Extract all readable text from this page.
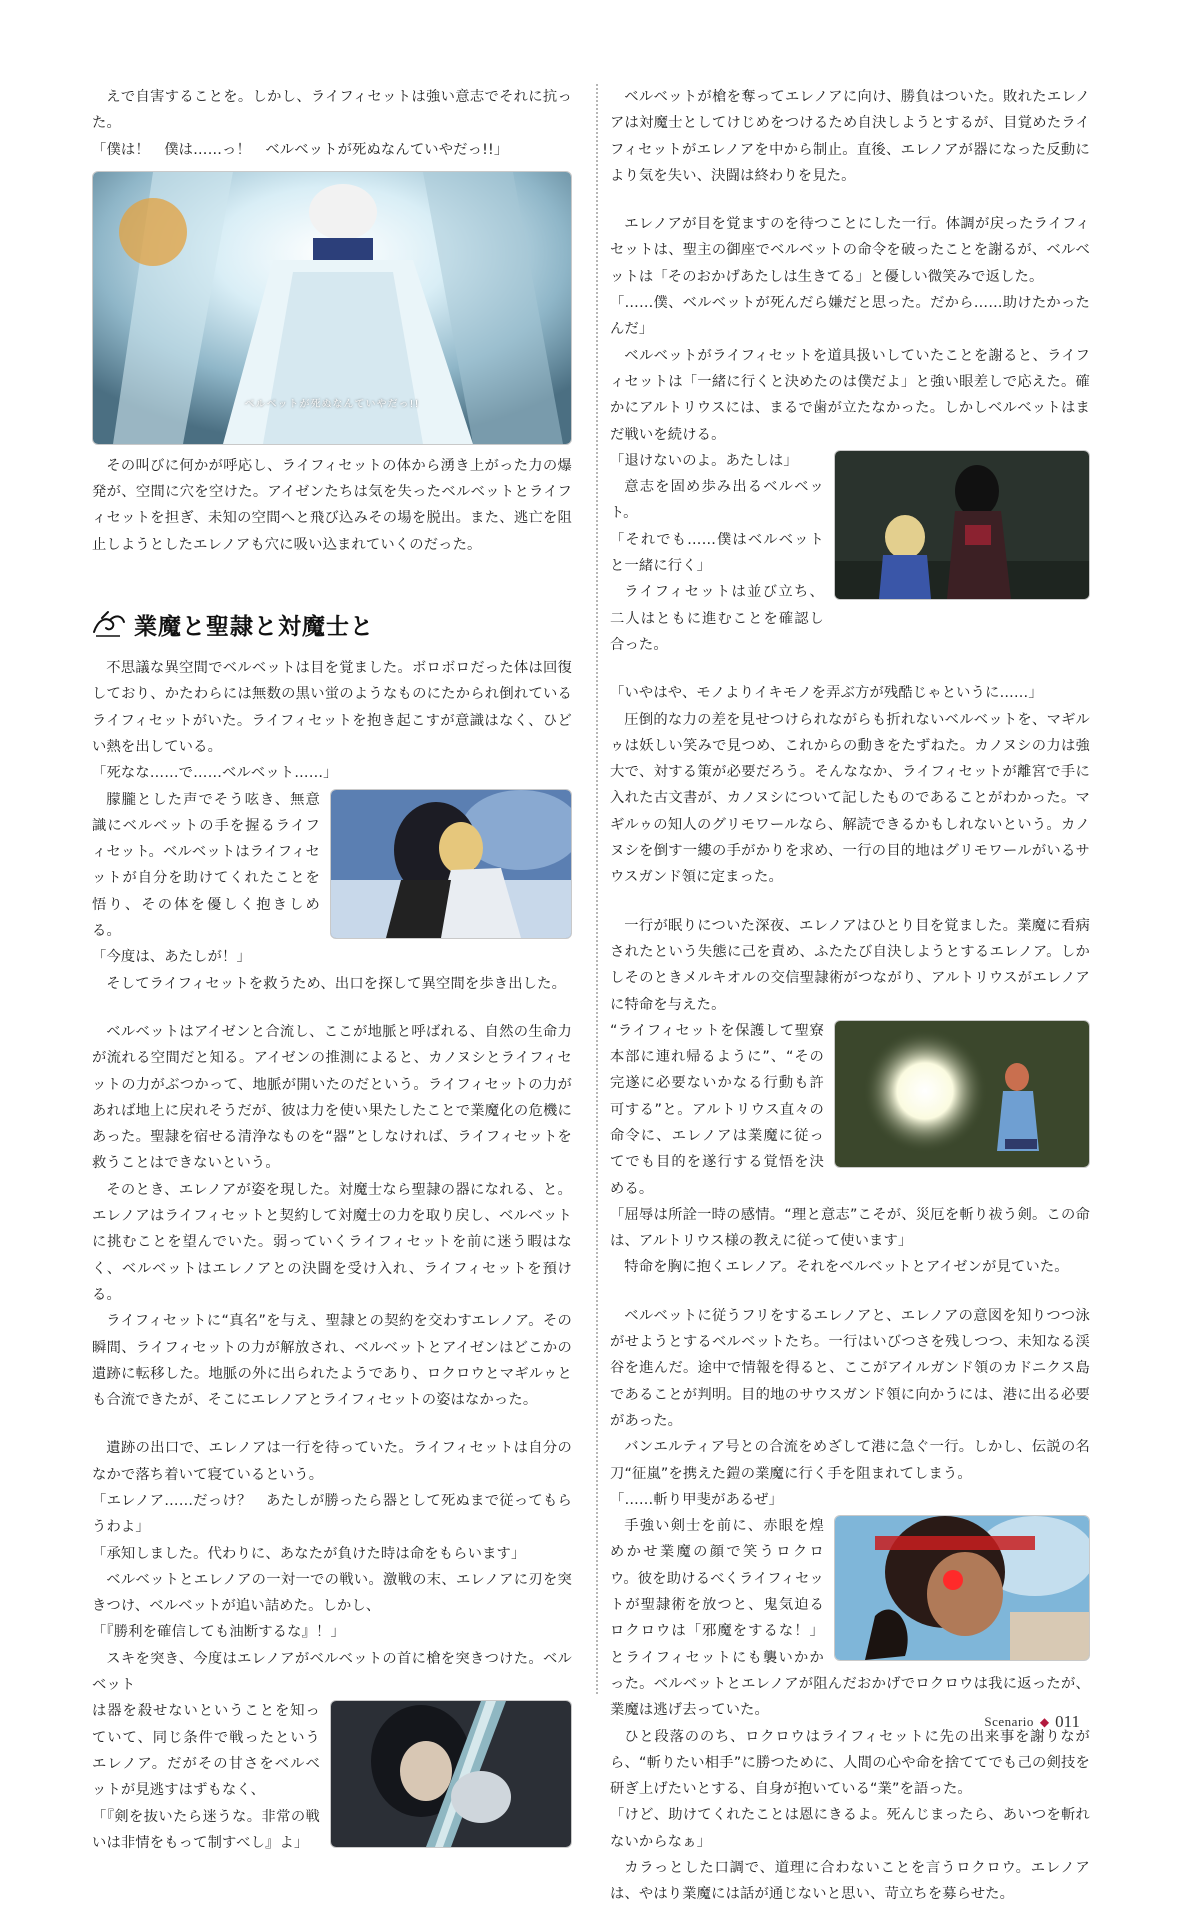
えで自害することを。しかし、ライフィセットは強い意志でそれに抗った。

「僕は！　僕は……っ！　ベルベットが死ぬなんていやだっ!!」

ベルベットが死ぬなんていやだっ!!

その叫びに何かが呼応し、ライフィセットの体から湧き上がった力の爆発が、空間に穴を空けた。アイゼンたちは気を失ったベルベットとライフィセットを担ぎ、未知の空間へと飛び込みその場を脱出。また、逃亡を阻止しようとしたエレノアも穴に吸い込まれていくのだった。

業魔と聖隷と対魔士と

不思議な異空間でベルベットは目を覚ました。ボロボロだった体は回復しており、かたわらには無数の黒い蛍のようなものにたかられ倒れているライフィセットがいた。ライフィセットを抱き起こすが意識はなく、ひどい熱を出している。

「死なな……で……ベルベット……」

朦朧とした声でそう呟き、無意識にベルベットの手を握るライフィセット。ベルベットはライフィセットが自分を助けてくれたことを悟り、その体を優しく抱きしめる。

「今度は、あたしが！」

そしてライフィセットを救うため、出口を探して異空間を歩き出した。

ベルベットはアイゼンと合流し、ここが地脈と呼ばれる、自然の生命力が流れる空間だと知る。アイゼンの推測によると、カノヌシとライフィセットの力がぶつかって、地脈が開いたのだという。ライフィセットの力があれば地上に戻れそうだが、彼は力を使い果たしたことで業魔化の危機にあった。聖隷を宿せる清浄なものを“器”としなければ、ライフィセットを救うことはできないという。

そのとき、エレノアが姿を現した。対魔士なら聖隷の器になれる、と。エレノアはライフィセットと契約して対魔士の力を取り戻し、ベルベットに挑むことを望んでいた。弱っていくライフィセットを前に迷う暇はなく、ベルベットはエレノアとの決闘を受け入れ、ライフィセットを預ける。

ライフィセットに“真名”を与え、聖隷との契約を交わすエレノア。その瞬間、ライフィセットの力が解放され、ベルベットとアイゼンはどこかの遺跡に転移した。地脈の外に出られたようであり、ロクロウとマギルゥとも合流できたが、そこにエレノアとライフィセットの姿はなかった。

遺跡の出口で、エレノアは一行を待っていた。ライフィセットは自分のなかで落ち着いて寝ているという。

「エレノア……だっけ？　あたしが勝ったら器として死ぬまで従ってもらうわよ」

「承知しました。代わりに、あなたが負けた時は命をもらいます」

ベルベットとエレノアの一対一での戦い。激戦の末、エレノアに刃を突きつけ、ベルベットが追い詰めた。しかし、

「『勝利を確信しても油断するな』！」

スキを突き、今度はエレノアがベルベットの首に槍を突きつけた。ベルベット

は器を殺せないということを知っていて、同じ条件で戦ったというエレノア。だがその甘さをベルベットが見逃すはずもなく、

「『剣を抜いたら迷うな。非常の戦いは非情をもって制すべし』よ」

ベルベットが槍を奪ってエレノアに向け、勝負はついた。敗れたエレノアは対魔士としてけじめをつけるため自決しようとするが、目覚めたライフィセットがエレノアを中から制止。直後、エレノアが器になった反動により気を失い、決闘は終わりを見た。

エレノアが目を覚ますのを待つことにした一行。体調が戻ったライフィセットは、聖主の御座でベルベットの命令を破ったことを謝るが、ベルベットは「そのおかげあたしは生きてる」と優しい微笑みで返した。

「……僕、ベルベットが死んだら嫌だと思った。だから……助けたかったんだ」

ベルベットがライフィセットを道具扱いしていたことを謝ると、ライフィセットは「一緒に行くと決めたのは僕だよ」と強い眼差しで応えた。確かにアルトリウスには、まるで歯が立たなかった。しかしベルベットはまだ戦いを続ける。

「退けないのよ。あたしは」

意志を固め歩み出るベルベット。

「それでも……僕はベルベットと一緒に行く」

ライフィセットは並び立ち、二人はともに進むことを確認し合った。

「いやはや、モノよりイキモノを弄ぶ方が残酷じゃというに……」

圧倒的な力の差を見せつけられながらも折れないベルベットを、マギルゥは妖しい笑みで見つめ、これからの動きをたずねた。カノヌシの力は強大で、対する策が必要だろう。そんななか、ライフィセットが離宮で手に入れた古文書が、カノヌシについて記したものであることがわかった。マギルゥの知人のグリモワールなら、解読できるかもしれないという。カノヌシを倒す一縷の手がかりを求め、一行の目的地はグリモワールがいるサウスガンド領に定まった。

一行が眠りについた深夜、エレノアはひとり目を覚ました。業魔に看病されたという失態に己を責め、ふたたび自決しようとするエレノア。しかしそのときメルキオルの交信聖隷術がつながり、アルトリウスがエレノアに特命を与えた。

“ライフィセットを保護して聖寮本部に連れ帰るように”、“その完遂に必要ないかなる行動も許可する”と。アルトリウス直々の命令に、エレノアは業魔に従ってでも目的を遂行する覚悟を決める。

「屈辱は所詮一時の感情。“理と意志”こそが、災厄を斬り祓う剣。この命は、アルトリウス様の教えに従って使います」

特命を胸に抱くエレノア。それをベルベットとアイゼンが見ていた。

ベルベットに従うフリをするエレノアと、エレノアの意図を知りつつ泳がせようとするベルベットたち。一行はいびつさを残しつつ、未知なる渓谷を進んだ。途中で情報を得ると、ここがアイルガンド領のカドニクス島であることが判明。目的地のサウスガンド領に向かうには、港に出る必要があった。

バンエルティア号との合流をめざして港に急ぐ一行。しかし、伝説の名刀“征嵐”を携えた鎧の業魔に行く手を阻まれてしまう。

「……斬り甲斐があるぜ」

手強い剣士を前に、赤眼を煌めかせ業魔の顔で笑うロクロウ。彼を助けるべくライフィセットが聖隷術を放つと、鬼気迫るロクロウは「邪魔をするな！」とライフィセットにも襲いかかった。ベルベットとエレノアが阻んだおかげでロクロウは我に返ったが、業魔は逃げ去っていた。

ひと段落ののち、ロクロウはライフィセットに先の出来事を謝りながら、“斬りたい相手”に勝つために、人間の心や命を捨ててでも己の剣技を研ぎ上げたいとする、自身が抱いている“業”を語った。

「けど、助けてくれたことは恩にきるよ。死んじまったら、あいつを斬れないからなぁ」

カラっとした口調で、道理に合わないことを言うロクロウ。エレノアは、やはり業魔には話が通じないと思い、苛立ちを募らせた。

Scenario ◆ 011
